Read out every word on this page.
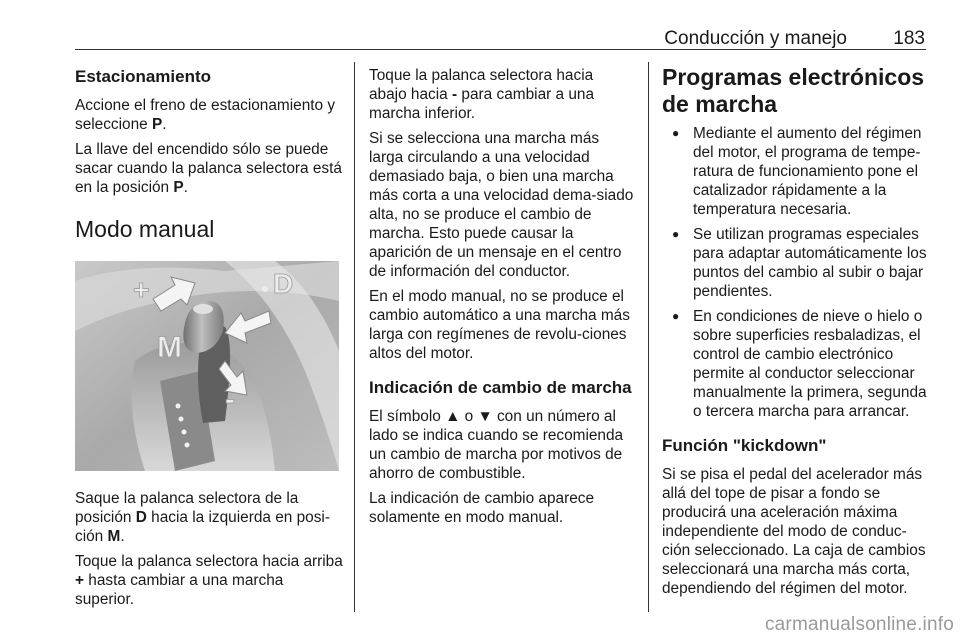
Conducción y manejo 183
Estacionamiento

Accione el freno de estacionamiento y seleccione P.

La llave del encendido sólo se puede sacar cuando la palanca selectora está en la posición P.

Modo manual
+	D
M
-

Saque la palanca selectora de la posición D hacia la izquierda en posi‐ción M.

Toque la palanca selectora hacia arriba + hasta cambiar a una marcha superior.

Toque la palanca selectora hacia abajo hacia - para cambiar a una marcha inferior.

Si se selecciona una marcha más larga circulando a una velocidad demasiado baja, o bien una marcha más corta a una velocidad dema‐siado alta, no se produce el cambio de marcha. Esto puede causar la aparición de un mensaje en el centro de información del conductor.

En el modo manual, no se produce el cambio automático a una marcha más larga con regímenes de revolu‐ciones altos del motor.

Indicación de cambio de marcha

El símbolo ▲ o ▼ con un número al lado se indica cuando se recomienda un cambio de marcha por motivos de ahorro de combustible.

La indicación de cambio aparece solamente en modo manual.

Programas electrónicos de marcha
● Mediante el aumento del régimen del motor, el programa de tempe‐ratura de funcionamiento pone el catalizador rápidamente a la temperatura necesaria.
● Se utilizan programas especiales para adaptar automáticamente los puntos del cambio al subir o bajar pendientes.
● En condiciones de nieve o hielo o sobre superficies resbaladizas, el control de cambio electrónico permite al conductor seleccionar manualmente la primera, segunda o tercera marcha para arrancar.
Función "kickdown"

Si se pisa el pedal del acelerador más allá del tope de pisar a fondo se producirá una aceleración máxima independiente del modo de conduc‐ción seleccionado. La caja de cambios seleccionará una marcha más corta, dependiendo del régimen del motor.

carmanualsonline.info
